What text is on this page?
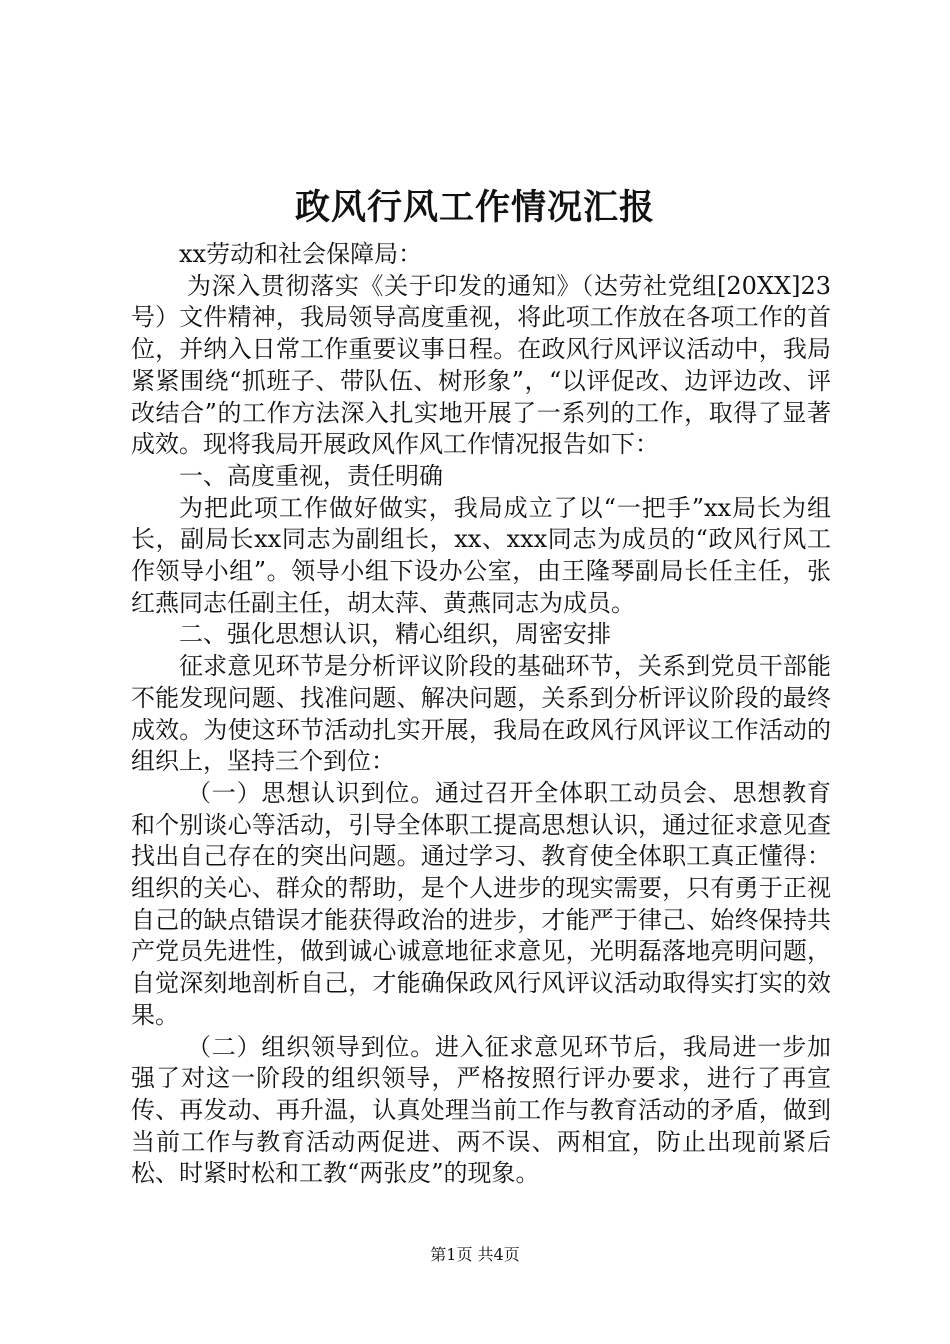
政风行风工作情况汇报

xx劳动和社会保障局：

为深入贯彻落实《关于印发的通知》（达劳社党组[20XX]23号）文件精神，我局领导高度重视，将此项工作放在各项工作的首位，并纳入日常工作重要议事日程。在政风行风评议活动中，我局紧紧围绕“抓班子、带队伍、树形象”，“以评促改、边评边改、评改结合”的工作方法深入扎实地开展了一系列的工作，取得了显著成效。现将我局开展政风作风工作情况报告如下：

一、高度重视，责任明确

为把此项工作做好做实，我局成立了以“一把手”xx局长为组长，副局长xx同志为副组长，xx、xxx同志为成员的“政风行风工作领导小组”。领导小组下设办公室，由王隆琴副局长任主任，张红燕同志任副主任，胡太萍、黄燕同志为成员。

二、强化思想认识，精心组织，周密安排

征求意见环节是分析评议阶段的基础环节，关系到党员干部能不能发现问题、找准问题、解决问题，关系到分析评议阶段的最终成效。为使这环节活动扎实开展，我局在政风行风评议工作活动的组织上，坚持三个到位：

（一）思想认识到位。通过召开全体职工动员会、思想教育和个别谈心等活动，引导全体职工提高思想认识，通过征求意见查找出自己存在的突出问题。通过学习、教育使全体职工真正懂得：组织的关心、群众的帮助，是个人进步的现实需要，只有勇于正视自己的缺点错误才能获得政治的进步，才能严于律己、始终保持共产党员先进性，做到诚心诚意地征求意见，光明磊落地亮明问题，自觉深刻地剖析自己，才能确保政风行风评议活动取得实打实的效果。

（二）组织领导到位。进入征求意见环节后，我局进一步加强了对这一阶段的组织领导，严格按照行评办要求，进行了再宣传、再发动、再升温，认真处理当前工作与教育活动的矛盾，做到当前工作与教育活动两促进、两不误、两相宜，防止出现前紧后松、时紧时松和工教“两张皮”的现象。

第1页 共4页
